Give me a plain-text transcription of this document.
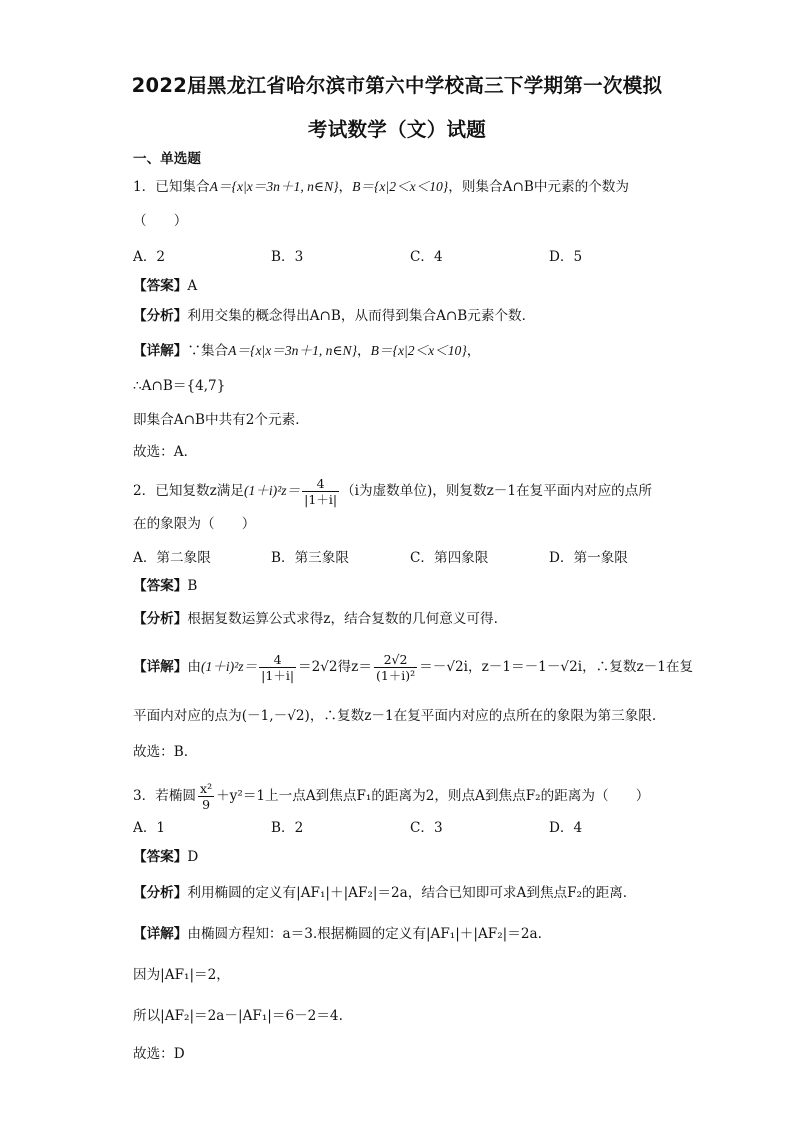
2022届黑龙江省哈尔滨市第六中学校高三下学期第一次模拟
考试数学（文）试题
一、单选题
1．已知集合A＝{x|x＝3n＋1, n∈N}，B＝{x|2＜x＜10}，则集合A∩B中元素的个数为
（　　）
A．2	B．3	C．4	D．5
【答案】A
【分析】利用交集的概念得出A∩B，从而得到集合A∩B元素个数．
【详解】∵集合A＝{x|x＝3n＋1, n∈N}，B＝{x|2＜x＜10}，
∴A∩B＝{4,7}
即集合A∩B中共有2个元素．
故选：A．
2．已知复数z满足$(1+i)^2z= \frac{4}{|1+i|} (i$为虚数单位)，则复数z－1在复平面内对应的点所
在的象限为（　　）
A．第二象限	B．第三象限	C．第四象限	D．第一象限
【答案】B
【分析】根据复数运算公式求得z，结合复数的几何意义可得.
【详解】由$(1+i)^2z= \frac{4}{|1+i|} =2√2$得$z= \frac{2√2}{\text{(1＋i)²}} =-√2i$，z－1＝－1－√2i，∴复数z－1在复
平面内对应的点为(－1,－√2)，∴复数z－1在复平面内对应的点所在的象限为第三象限.
故选：B.
3．若椭圆 $\frac{\text{x²}}{9} +y^2=1$上一点A到焦点F₁的距离为2，则点A到焦点F₂的距离为（　　）
A．1	B．2	C．3	D．4
【答案】D
【分析】利用椭圆的定义有|AF₁|＋|AF₂|＝2a，结合已知即可求A到焦点F₂的距离.
【详解】由椭圆方程知：a＝3.根据椭圆的定义有|AF₁|＋|AF₂|＝2a.
因为|AF₁|＝2，
所以|AF₂|＝2a－|AF₁|＝6－2＝4.
故选：D
